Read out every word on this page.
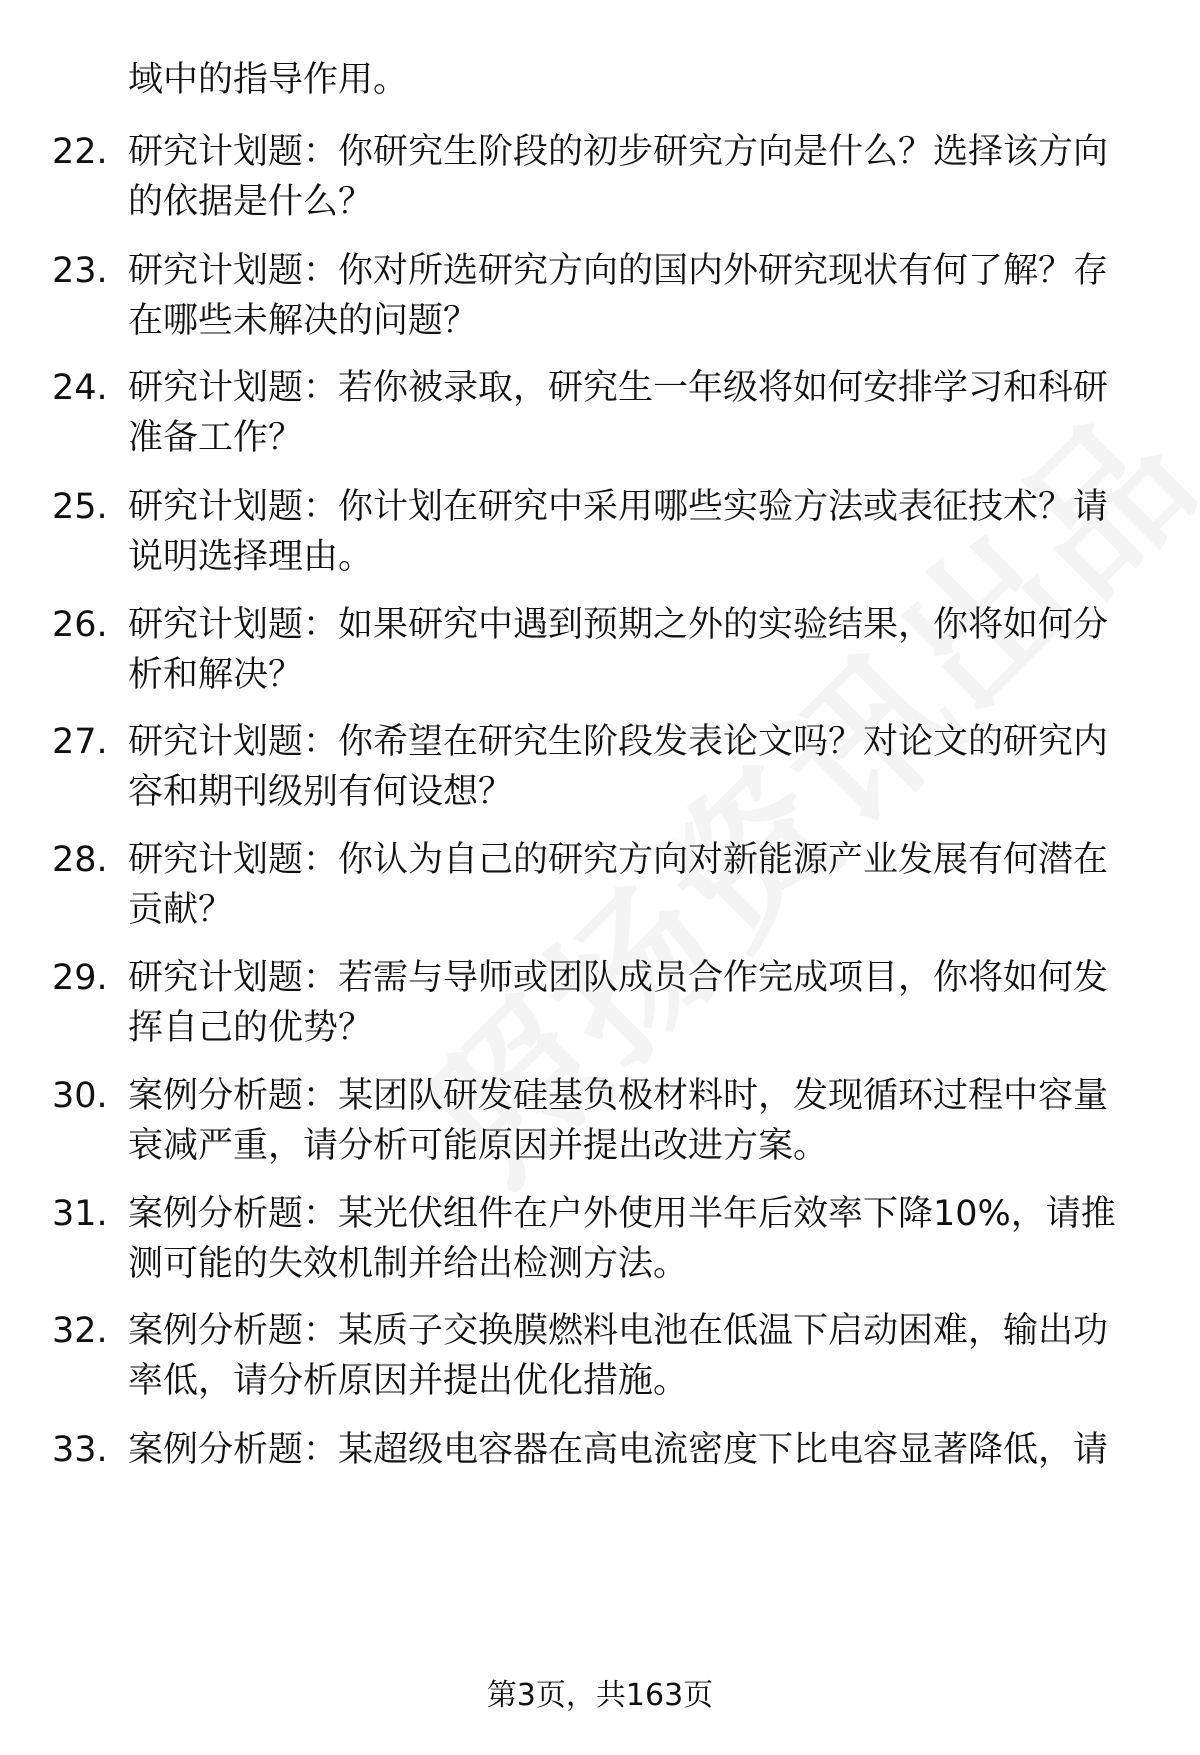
域中的指导作用。

22. 研究计划题：你研究生阶段的初步研究方向是什么？选择该方向的依据是什么？

23. 研究计划题：你对所选研究方向的国内外研究现状有何了解？存在哪些未解决的问题？

24. 研究计划题：若你被录取，研究生一年级将如何安排学习和科研准备工作？

25. 研究计划题：你计划在研究中采用哪些实验方法或表征技术？请说明选择理由。

26. 研究计划题：如果研究中遇到预期之外的实验结果，你将如何分析和解决？

27. 研究计划题：你希望在研究生阶段发表论文吗？对论文的研究内容和期刊级别有何设想？

28. 研究计划题：你认为自己的研究方向对新能源产业发展有何潜在贡献？

29. 研究计划题：若需与导师或团队成员合作完成项目，你将如何发挥自己的优势？

30. 案例分析题：某团队研发硅基负极材料时，发现循环过程中容量衰减严重，请分析可能原因并提出改进方案。

31. 案例分析题：某光伏组件在户外使用半年后效率下降10%，请推测可能的失效机制并给出检测方法。

32. 案例分析题：某质子交换膜燃料电池在低温下启动困难，输出功率低，请分析原因并提出优化措施。

33. 案例分析题：某超级电容器在高电流密度下比电容显著降低，请

第3页，共163页
